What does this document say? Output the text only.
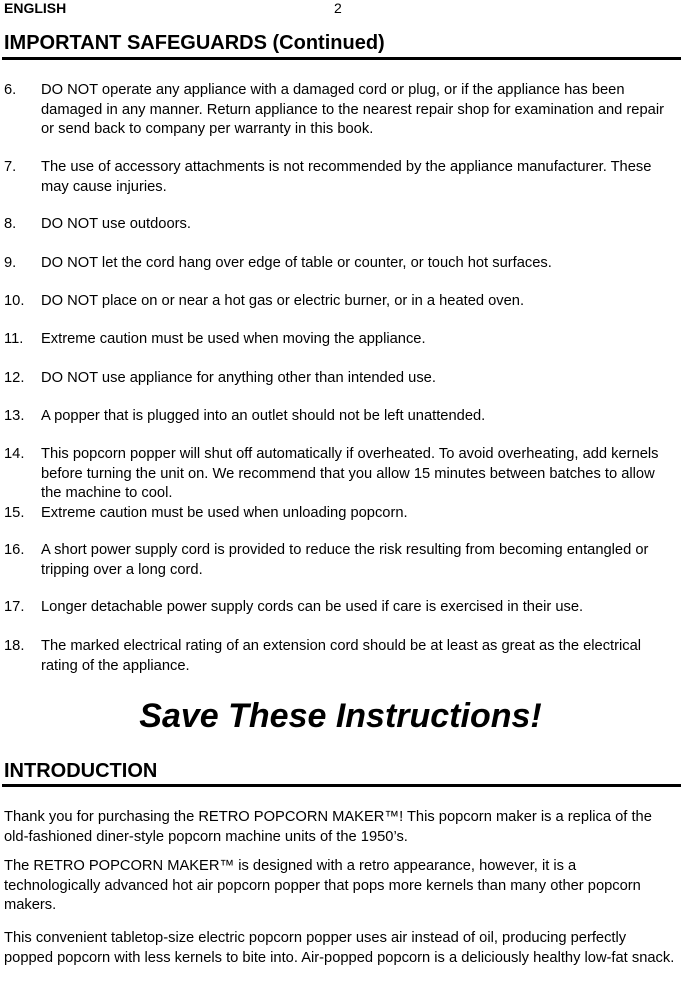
ENGLISH	2
IMPORTANT SAFEGUARDS (Continued)
6. DO NOT operate any appliance with a damaged cord or plug, or if the appliance has been damaged in any manner. Return appliance to the nearest repair shop for examination and repair or send back to company per warranty in this book.
7. The use of accessory attachments is not recommended by the appliance manufacturer. These may cause injuries.
8. DO NOT use outdoors.
9. DO NOT let the cord hang over edge of table or counter, or touch hot surfaces.
10. DO NOT place on or near a hot gas or electric burner, or in a heated oven.
11. Extreme caution must be used when moving the appliance.
12. DO NOT use appliance for anything other than intended use.
13. A popper that is plugged into an outlet should not be left unattended.
14. This popcorn popper will shut off automatically if overheated. To avoid overheating, add kernels before turning the unit on. We recommend that you allow 15 minutes between batches to allow the machine to cool.
15. Extreme caution must be used when unloading popcorn.
16. A short power supply cord is provided to reduce the risk resulting from becoming entangled or tripping over a long cord.
17. Longer detachable power supply cords can be used if care is exercised in their use.
18. The marked electrical rating of an extension cord should be at least as great as the electrical rating of the appliance.
Save These Instructions!
INTRODUCTION

Thank you for purchasing the RETRO POPCORN MAKER™! This popcorn maker is a replica of the old-fashioned diner-style popcorn machine units of the 1950’s.

The RETRO POPCORN MAKER™ is designed with a retro appearance, however, it is a technologically advanced hot air popcorn popper that pops more kernels than many other popcorn makers.

This convenient tabletop-size electric popcorn popper uses air instead of oil, producing perfectly popped popcorn with less kernels to bite into. Air-popped popcorn is a deliciously healthy low-fat snack.
